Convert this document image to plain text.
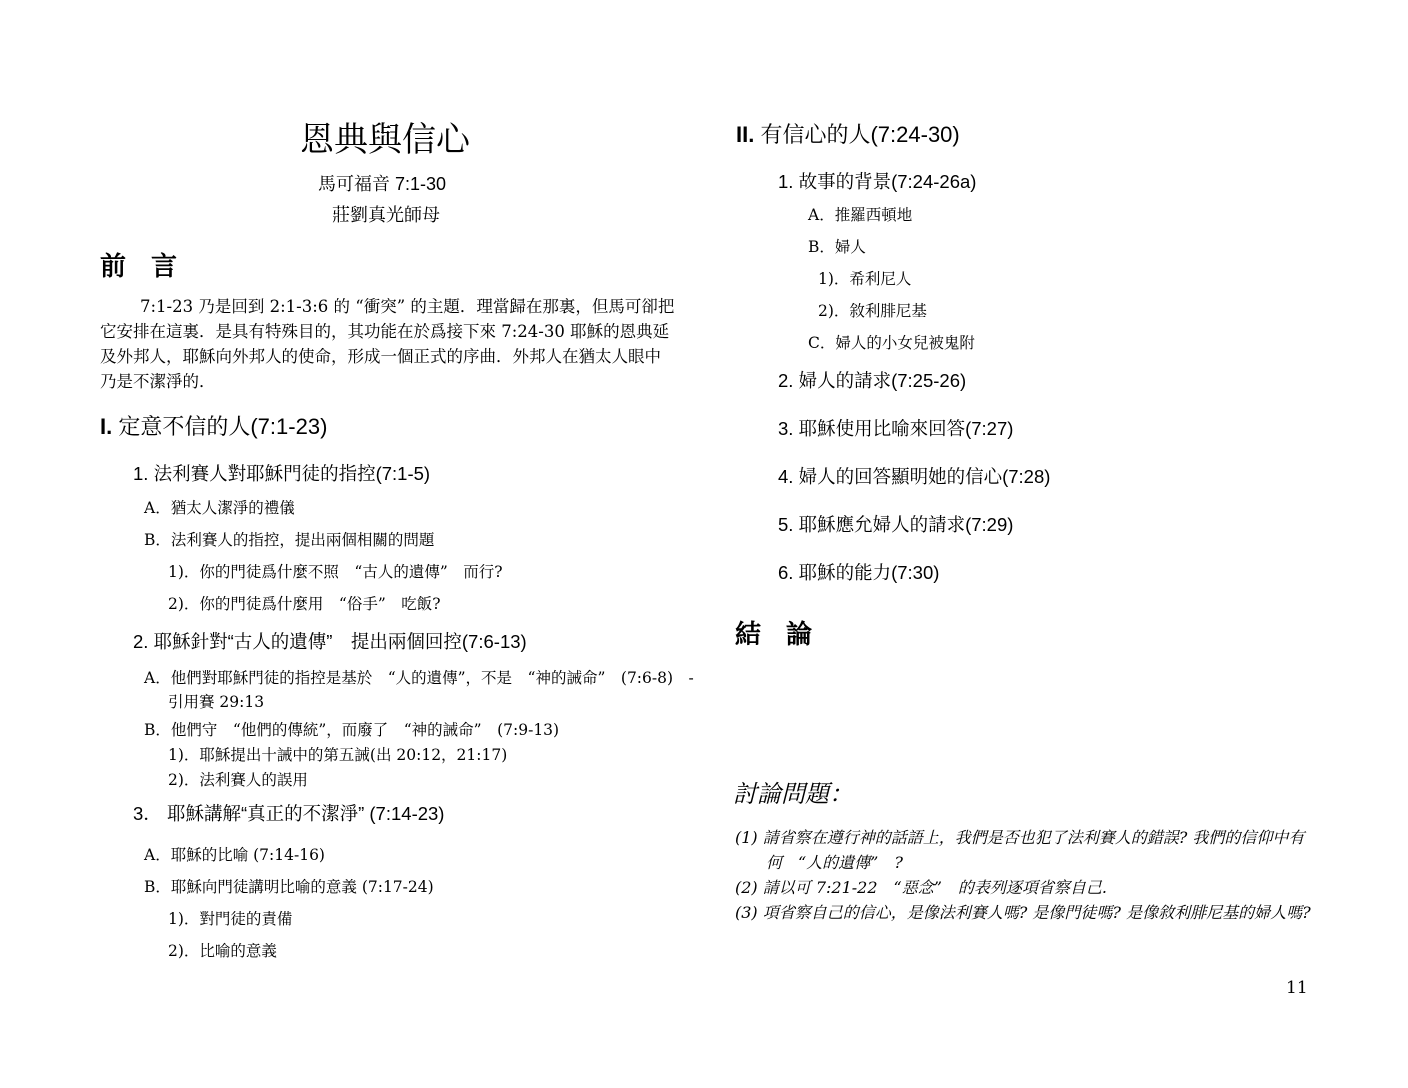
恩典與信心
馬可福音 7:1-30
莊劉真光師母
前 言
7:1-23 乃是回到 2:1-3:6 的 “衝突” 的主題．理當歸在那裏，但馬可卻把它安排在這裏．是具有特殊目的，其功能在於爲接下來 7:24-30 耶穌的恩典延及外邦人，耶穌向外邦人的使命，形成一個正式的序曲．外邦人在猶太人眼中乃是不潔淨的．
I. 定意不信的人(7:1-23)
1. 法利賽人對耶穌門徒的指控(7:1-5)
A．猶太人潔淨的禮儀
B．法利賽人的指控，提出兩個相關的問題
1)．你的門徒爲什麼不照　“古人的遺傳”　而行?
2)．你的門徒爲什麼用　“俗手”　吃飯?
2. 耶穌針對“古人的遺傳”　提出兩個回控(7:6-13)
A．他們對耶穌門徒的指控是基於　“人的遺傳”，不是　“神的誡命”　(7:6-8)　- 引用賽 29:13
B．他們守　“他們的傳統”，而廢了　“神的誡命”　(7:9-13)
1)．耶穌提出十誡中的第五誡(出 20:12，21:17)
2)．法利賽人的誤用
3． 耶穌講解“真正的不潔淨” (7:14-23)
A．耶穌的比喻 (7:14-16)
B．耶穌向門徒講明比喻的意義 (7:17-24)
1)．對門徒的責備
2)．比喻的意義
II. 有信心的人(7:24-30)
1. 故事的背景(7:24-26a)
A．推羅西頓地
B．婦人
1)．希利尼人
2)．敘利腓尼基
C．婦人的小女兒被鬼附
2. 婦人的請求(7:25-26)
3. 耶穌使用比喻來回答(7:27)
4. 婦人的回答顯明她的信心(7:28)
5. 耶穌應允婦人的請求(7:29)
6. 耶穌的能力(7:30)
結 論
討論問題：
(1) 請省察在遵行神的話語上，我們是否也犯了法利賽人的錯誤? 我們的信仰中有何　“人的遺傳”　?
(2) 請以可 7:21-22　“惡念”　的表列逐項省察自己.
(3) 項省察自己的信心，是像法利賽人嗎? 是像門徒嗎? 是像敘利腓尼基的婦人嗎?
11
